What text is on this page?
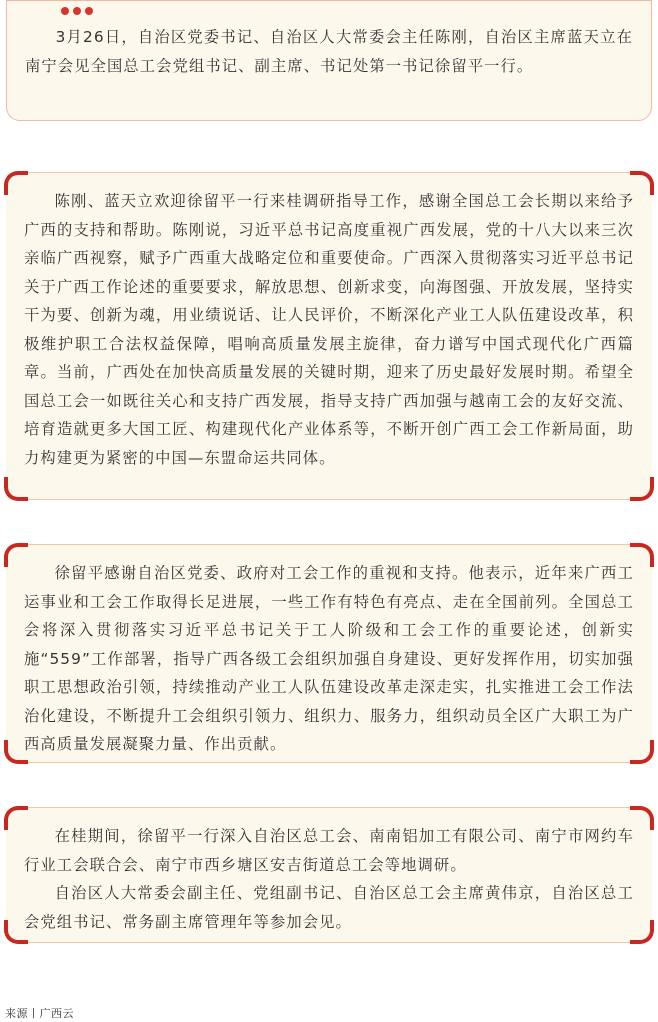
3月26日，自治区党委书记、自治区人大常委会主任陈刚，自治区主席蓝天立在南宁会见全国总工会党组书记、副主席、书记处第一书记徐留平一行。

陈刚、蓝天立欢迎徐留平一行来桂调研指导工作，感谢全国总工会长期以来给予广西的支持和帮助。陈刚说，习近平总书记高度重视广西发展，党的十八大以来三次亲临广西视察，赋予广西重大战略定位和重要使命。广西深入贯彻落实习近平总书记关于广西工作论述的重要要求，解放思想、创新求变，向海图强、开放发展，坚持实干为要、创新为魂，用业绩说话、让人民评价，不断深化产业工人队伍建设改革，积极维护职工合法权益保障，唱响高质量发展主旋律，奋力谱写中国式现代化广西篇章。当前，广西处在加快高质量发展的关键时期，迎来了历史最好发展时期。希望全国总工会一如既往关心和支持广西发展，指导支持广西加强与越南工会的友好交流、培育造就更多大国工匠、构建现代化产业体系等，不断开创广西工会工作新局面，助力构建更为紧密的中国—东盟命运共同体。

徐留平感谢自治区党委、政府对工会工作的重视和支持。他表示，近年来广西工运事业和工会工作取得长足进展，一些工作有特色有亮点、走在全国前列。全国总工会将深入贯彻落实习近平总书记关于工人阶级和工会工作的重要论述，创新实施“559”工作部署，指导广西各级工会组织加强自身建设、更好发挥作用，切实加强职工思想政治引领，持续推动产业工人队伍建设改革走深走实，扎实推进工会工作法治化建设，不断提升工会组织引领力、组织力、服务力，组织动员全区广大职工为广西高质量发展凝聚力量、作出贡献。

在桂期间，徐留平一行深入自治区总工会、南南铝加工有限公司、南宁市网约车行业工会联合会、南宁市西乡塘区安吉街道总工会等地调研。

自治区人大常委会副主任、党组副书记、自治区总工会主席黄伟京，自治区总工会党组书记、常务副主席管理年等参加会见。

来源丨广西云
